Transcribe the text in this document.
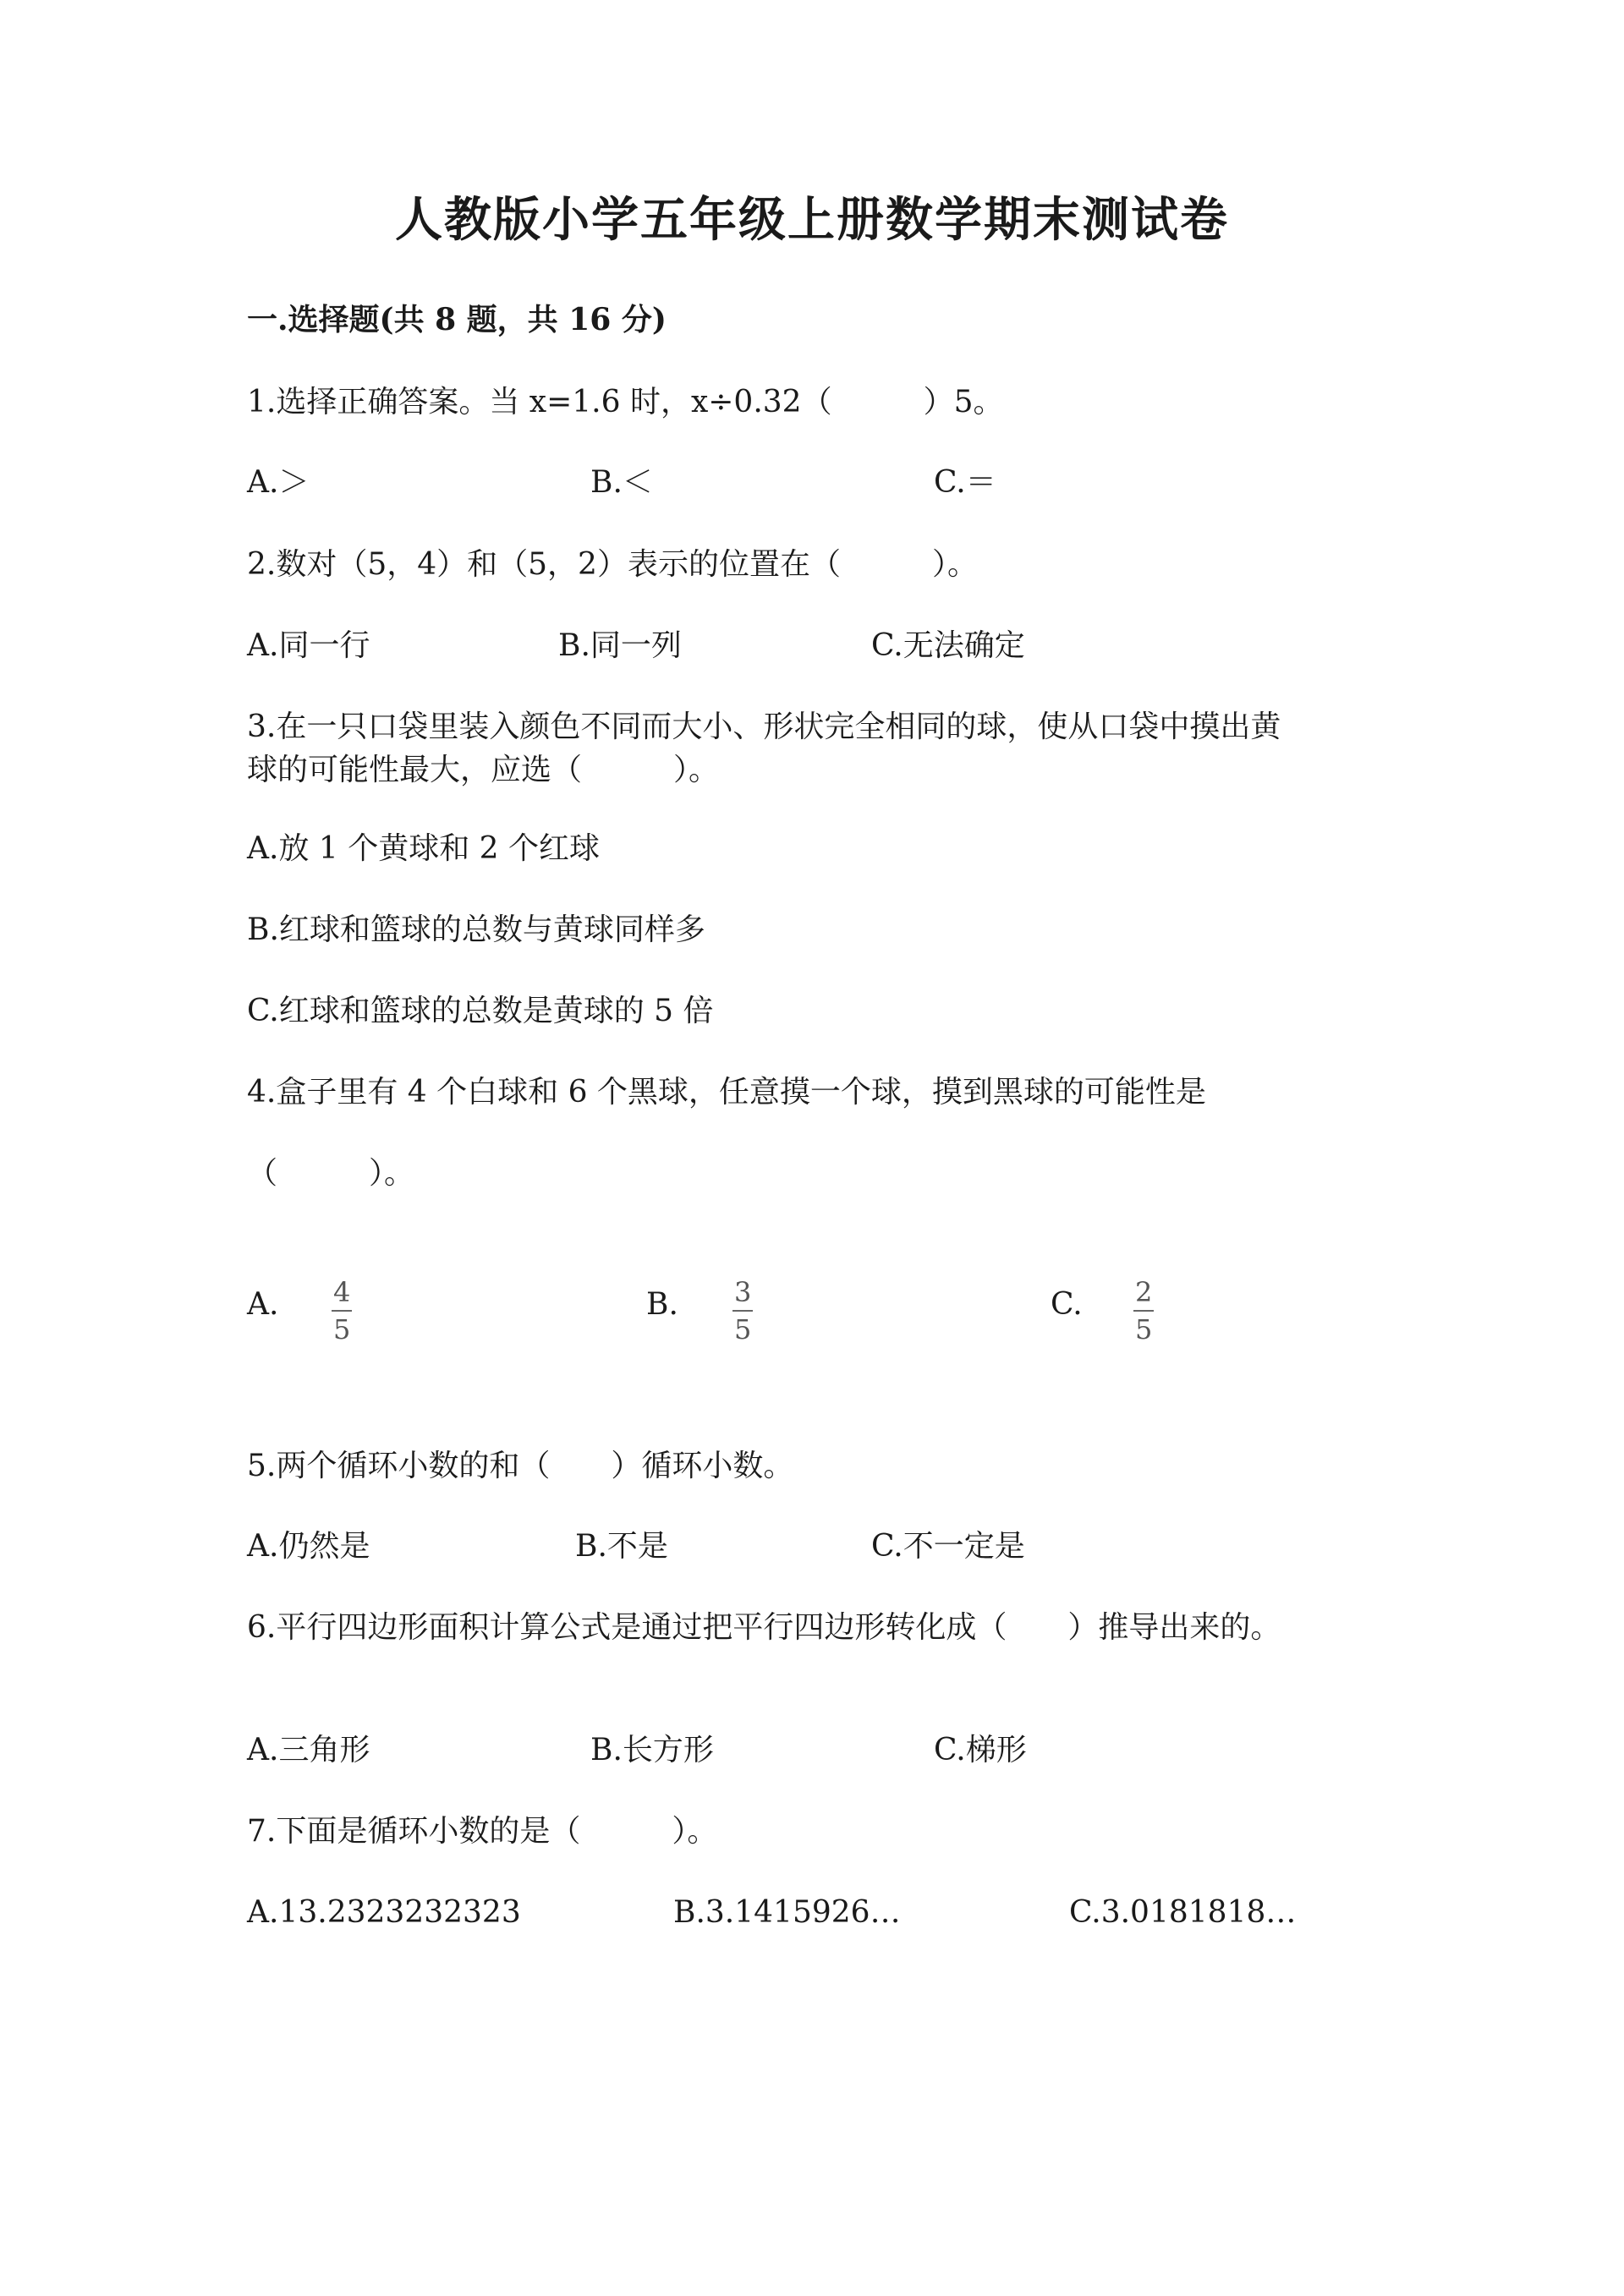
人教版小学五年级上册数学期末测试卷
一.选择题(共 8 题，共 16 分)
1.选择正确答案。当 x=1.6 时，x÷0.32（　　　）5。
A.＞	B.＜	C.＝
2.数对（5，4）和（5，2）表示的位置在（　　　）。
A.同一行	B.同一列	C.无法确定
3.在一只口袋里装入颜色不同而大小、形状完全相同的球，使从口袋中摸出黄
球的可能性最大，应选（　　　）。
A.放 1 个黄球和 2 个红球
B.红球和篮球的总数与黄球同样多
C.红球和篮球的总数是黄球的 5 倍
4.盒子里有 4 个白球和 6 个黑球，任意摸一个球，摸到黑球的可能性是
（　　　）。
A. 4
5
B. 3
5
C. 2
5
5.两个循环小数的和（　　）循环小数。
A.仍然是	B.不是	C.不一定是
6.平行四边形面积计算公式是通过把平行四边形转化成（　　）推导出来的。
A.三角形	B.长方形	C.梯形
7.下面是循环小数的是（　　　）。
A.13.2323232323	B.3.1415926…	C.3.0181818…
